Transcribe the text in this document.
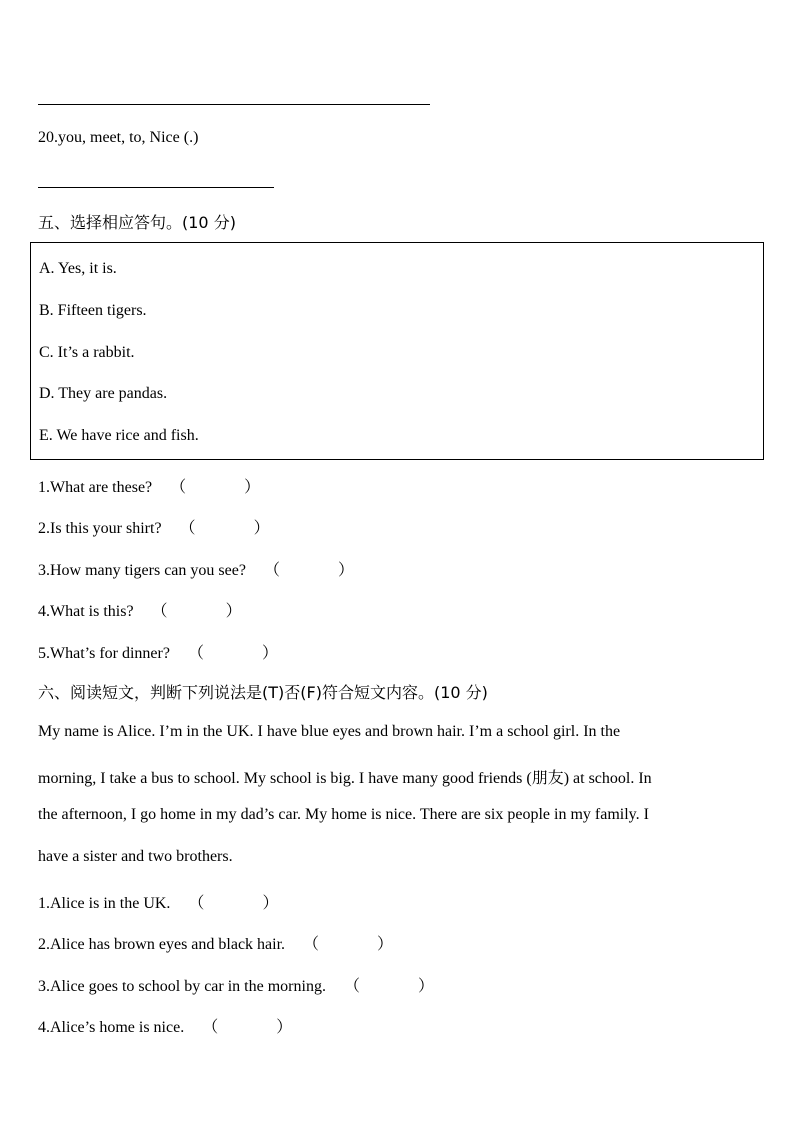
20.you, meet, to, Nice (.)
五、选择相应答句。(10 分)
A. Yes, it is.
B. Fifteen tigers.
C. It’s a rabbit.
D. They are pandas.
E. We have rice and fish.
1.What are these? （	）
2.Is this your shirt? （	）
3.How many tigers can you see? （	）
4.What is this? （	）
5.What’s for dinner? （	）
六、阅读短文，判断下列说法是(T)否(F)符合短文内容。(10 分)
My name is Alice. I’m in the UK. I have blue eyes and brown hair. I’m a school girl. In the
morning, I take a bus to school. My school is big. I have many good friends (朋友) at school. In
the afternoon, I go home in my dad’s car. My home is nice. There are six people in my family. I
have a sister and two brothers.
1.Alice is in the UK. （	）
2.Alice has brown eyes and black hair. （	）
3.Alice goes to school by car in the morning. （	）
4.Alice’s home is nice. （	）
